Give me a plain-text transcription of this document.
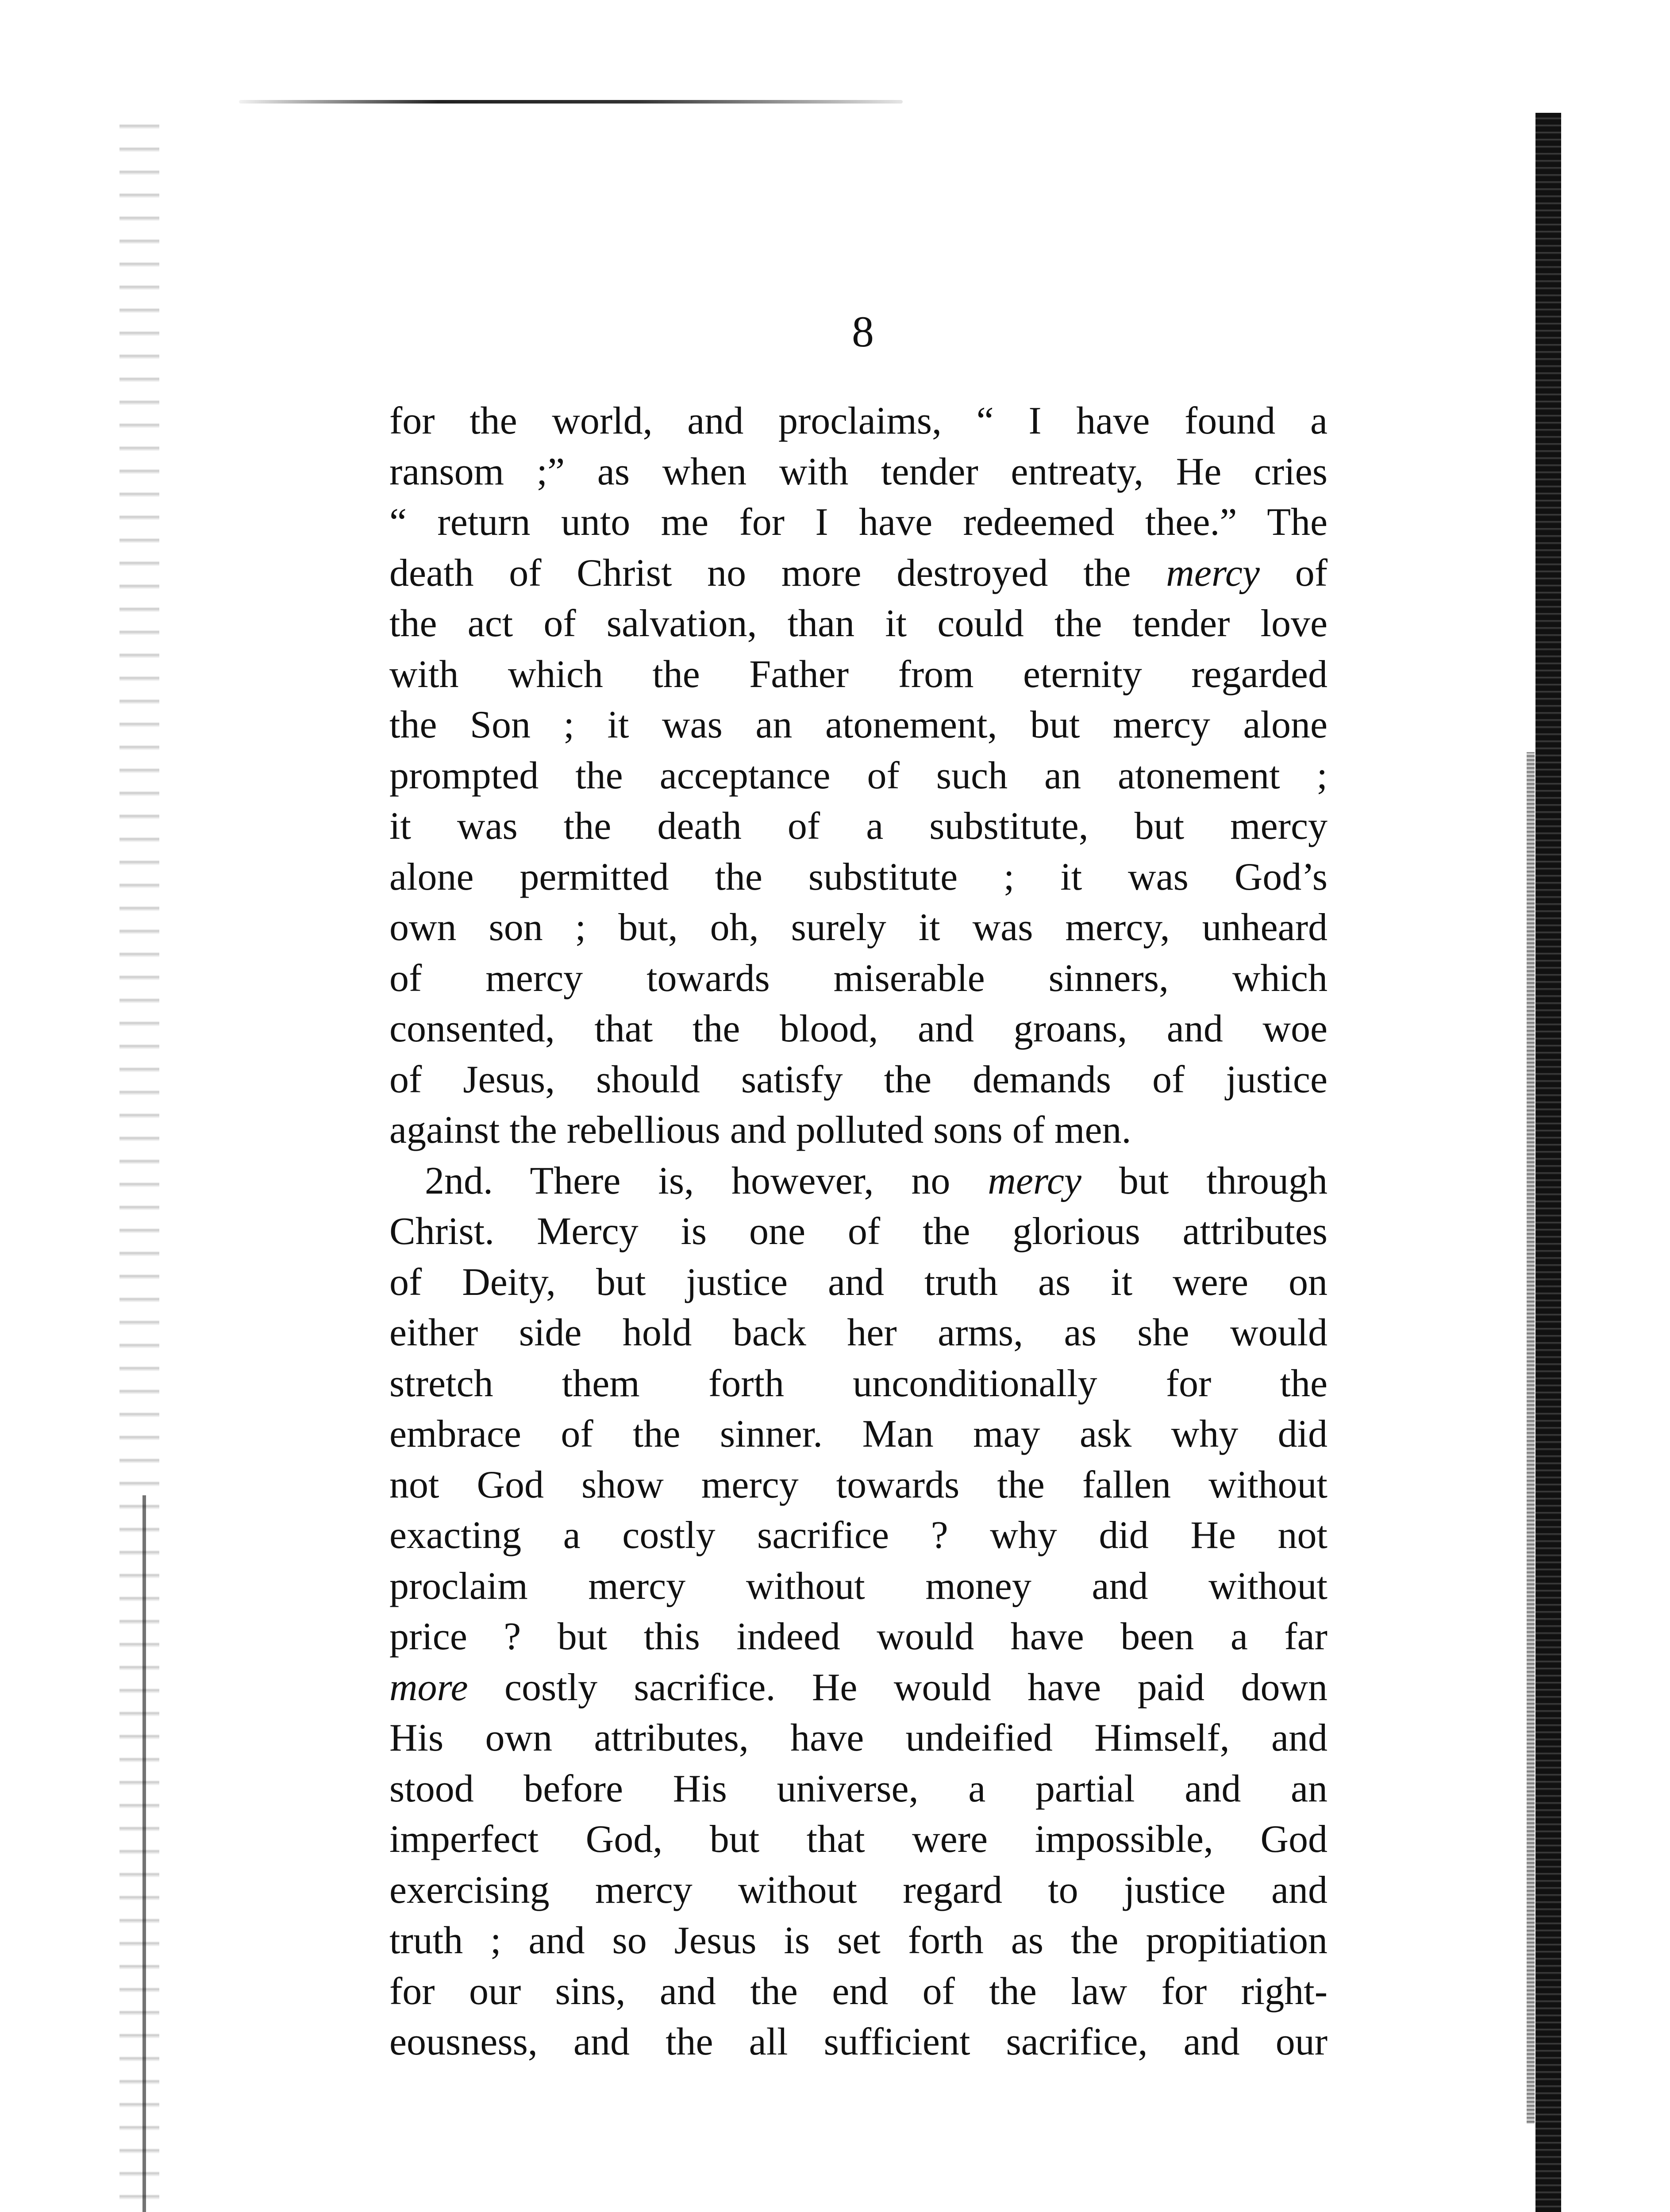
8
for the world, and proclaims, “ I have found a
ransom ;” as when with tender entreaty, He cries
“ return unto me for I have redeemed thee.” The
death of Christ no more destroyed the mercy of
the act of salvation, than it could the tender love
with which the Father from eternity regarded
the Son ; it was an atonement, but mercy alone
prompted the acceptance of such an atonement ;
it was the death of a substitute, but mercy
alone permitted the substitute ; it was God’s
own son ; but, oh, surely it was mercy, unheard
of mercy towards miserable sinners, which
consented, that the blood, and groans, and woe
of Jesus, should satisfy the demands of justice
against the rebellious and polluted sons of men.
2nd. There is, however, no mercy but through
Christ. Mercy is one of the glorious attributes
of Deity, but justice and truth as it were on
either side hold back her arms, as she would
stretch them forth unconditionally for the
embrace of the sinner. Man may ask why did
not God show mercy towards the fallen without
exacting a costly sacrifice ? why did He not
proclaim mercy without money and without
price ? but this indeed would have been a far
more costly sacrifice. He would have paid down
His own attributes, have undeified Himself, and
stood before His universe, a partial and an
imperfect God, but that were impossible, God
exercising mercy without regard to justice and
truth ; and so Jesus is set forth as the propitiation
for our sins, and the end of the law for right-
eousness, and the all sufficient sacrifice, and our
